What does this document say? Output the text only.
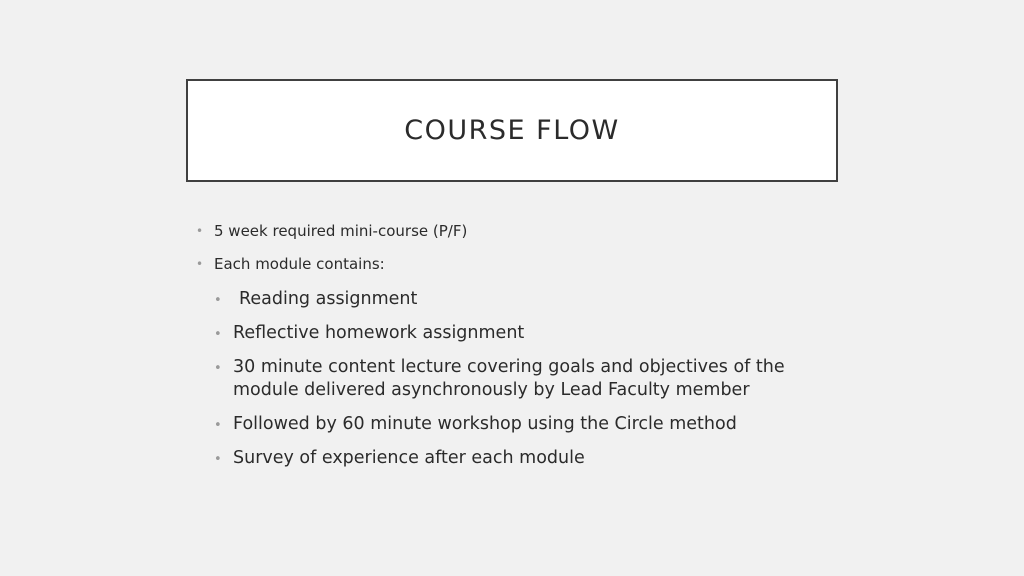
COURSE FLOW
• 5 week required mini-course (P/F)
• Each module contains:
• Reading assignment
• Reflective homework assignment
• 30 minute content lecture covering goals and objectives of the module delivered asynchronously by Lead Faculty member
• Followed by 60 minute workshop using the Circle method
• Survey of experience after each module
